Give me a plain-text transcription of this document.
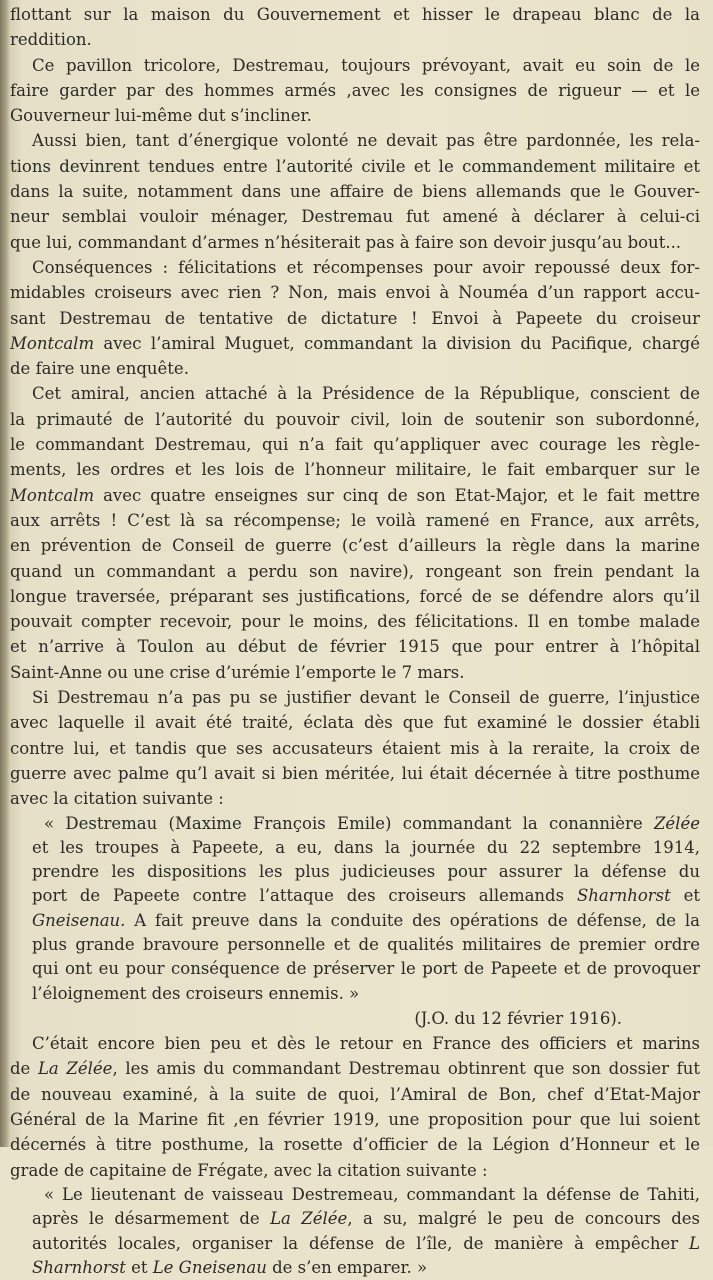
flottant sur la maison du Gouvernement et hisser le drapeau blanc de la
reddition.
Ce pavillon tricolore, Destremau, toujours prévoyant, avait eu soin de le
faire garder par des hommes armés ,avec les consignes de rigueur — et le
Gouverneur lui-même dut s’incliner.
Aussi bien, tant d’énergique volonté ne devait pas être pardonnée, les rela-
tions devinrent tendues entre l’autorité civile et le commandement militaire et
dans la suite, notamment dans une affaire de biens allemands que le Gouver-
neur semblai vouloir ménager, Destremau fut amené à déclarer à celui-ci
que lui, commandant d’armes n’hésiterait pas à faire son devoir jusqu’au bout...
Conséquences : félicitations et récompenses pour avoir repoussé deux for-
midables croiseurs avec rien ? Non, mais envoi à Nouméa d’un rapport accu-
sant Destremau de tentative de dictature ! Envoi à Papeete du croiseur
Montcalm avec l’amiral Muguet, commandant la division du Pacifique, chargé
de faire une enquête.
Cet amiral, ancien attaché à la Présidence de la République, conscient de
la primauté de l’autorité du pouvoir civil, loin de soutenir son subordonné,
le commandant Destremau, qui n’a fait qu’appliquer avec courage les règle-
ments, les ordres et les lois de l’honneur militaire, le fait embarquer sur le
Montcalm avec quatre enseignes sur cinq de son Etat-Major, et le fait mettre
aux arrêts ! C’est là sa récompense; le voilà ramené en France, aux arrêts,
en prévention de Conseil de guerre (c’est d’ailleurs la règle dans la marine
quand un commandant a perdu son navire), rongeant son frein pendant la
longue traversée, préparant ses justifications, forcé de se défendre alors qu’il
pouvait compter recevoir, pour le moins, des félicitations. Il en tombe malade
et n’arrive à Toulon au début de février 1915 que pour entrer à l’hôpital
Saint-Anne ou une crise d’urémie l’emporte le 7 mars.
Si Destremau n’a pas pu se justifier devant le Conseil de guerre, l’injustice
avec laquelle il avait été traité, éclata dès que fut examiné le dossier établi
contre lui, et tandis que ses accusateurs étaient mis à la reraite, la croix de
guerre avec palme qu’l avait si bien méritée, lui était décernée à titre posthume
avec la citation suivante :
« Destremau (Maxime François Emile) commandant la conannière Zélée
et les troupes à Papeete, a eu, dans la journée du 22 septembre 1914,
prendre les dispositions les plus judicieuses pour assurer la défense du
port de Papeete contre l’attaque des croiseurs allemands Sharnhorst et
Gneisenau. A fait preuve dans la conduite des opérations de défense, de la
plus grande bravoure personnelle et de qualités militaires de premier ordre
qui ont eu pour conséquence de préserver le port de Papeete et de provoquer
l’éloignement des croiseurs ennemis. »
(J.O. du 12 février 1916).
C’était encore bien peu et dès le retour en France des officiers et marins
de La Zélée, les amis du commandant Destremau obtinrent que son dossier fut
de nouveau examiné, à la suite de quoi, l’Amiral de Bon, chef d’Etat-Major
Général de la Marine fit ,en février 1919, une proposition pour que lui soient
décernés à titre posthume, la rosette d’officier de la Légion d’Honneur et le
grade de capitaine de Frégate, avec la citation suivante :
« Le lieutenant de vaisseau Destremeau, commandant la défense de Tahiti,
après le désarmement de La Zélée, a su, malgré le peu de concours des
autorités locales, organiser la défense de l’île, de manière à empêcher L
Sharnhorst et Le Gneisenau de s’en emparer. »
